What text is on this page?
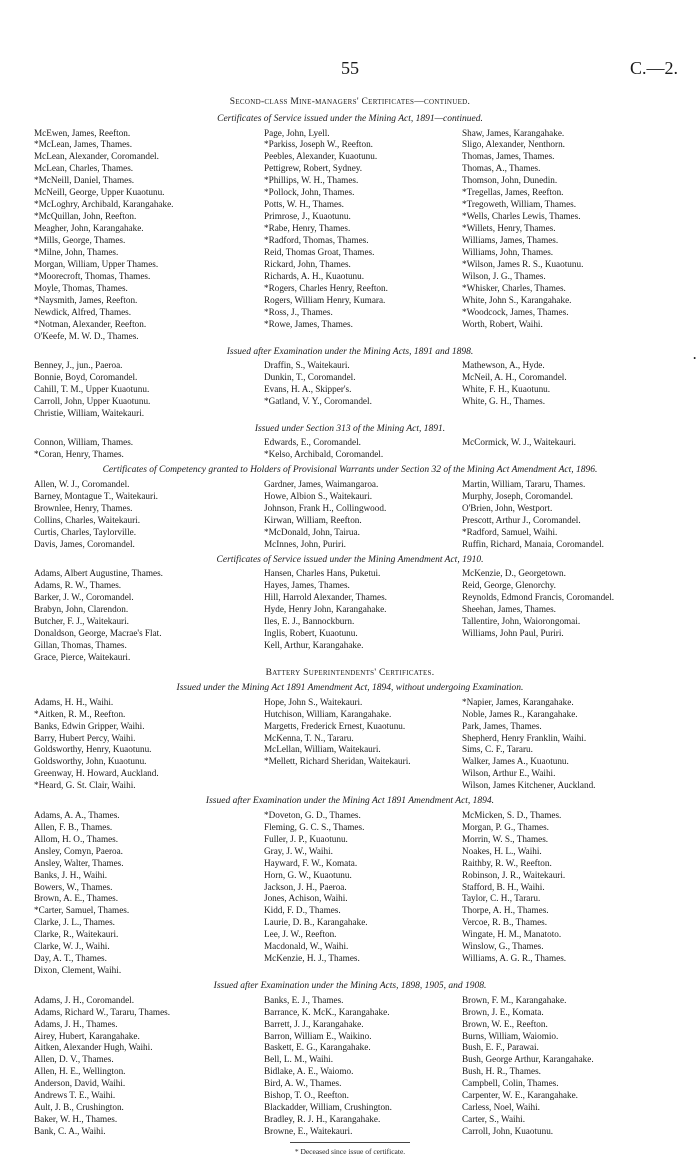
55	C.—2.
Second-class Mine-managers' Certificates—continued.
Certificates of Service issued under the Mining Act, 1891—continued.
McEwen, James, Reefton.
*McLean, James, Thames.
McLean, Alexander, Coromandel.
McLean, Charles, Thames.
*McNeill, Daniel, Thames.
McNeill, George, Upper Kuaotunu.
*McLoghry, Archibald, Karangahake.
*McQuillan, John, Reefton.
Meagher, John, Karangahake.
*Mills, George, Thames.
*Milne, John, Thames.
Morgan, William, Upper Thames.
*Moorecroft, Thomas, Thames.
Moyle, Thomas, Thames.
*Naysmith, James, Reefton.
Newdick, Alfred, Thames.
*Notman, Alexander, Reefton.
O'Keefe, M. W. D., Thames.
Page, John, Lyell.
*Parkiss, Joseph W., Reefton.
Peebles, Alexander, Kuaotunu.
Pettigrew, Robert, Sydney.
*Phillips, W. H., Thames.
*Pollock, John, Thames.
Potts, W. H., Thames.
Primrose, J., Kuaotunu.
*Rabe, Henry, Thames.
*Radford, Thomas, Thames.
Reid, Thomas Groat, Thames.
Rickard, John, Thames.
Richards, A. H., Kuaotunu.
*Rogers, Charles Henry, Reefton.
Rogers, William Henry, Kumara.
*Ross, J., Thames.
*Rowe, James, Thames.
Shaw, James, Karangahake.
Sligo, Alexander, Nenthorn.
Thomas, James, Thames.
Thomas, A., Thames.
Thomson, John, Dunedin.
*Tregellas, James, Reefton.
*Tregoweth, William, Thames.
*Wells, Charles Lewis, Thames.
*Willets, Henry, Thames.
Williams, James, Thames.
Williams, John, Thames.
*Wilson, James R. S., Kuaotunu.
Wilson, J. G., Thames.
*Whisker, Charles, Thames.
White, John S., Karangahake.
*Woodcock, James, Thames.
Worth, Robert, Waihi.
Issued after Examination under the Mining Acts, 1891 and 1898.
Benney, J., jun., Paeroa.
Bonnie, Boyd, Coromandel.
Cahill, T. M., Upper Kuaotunu.
Carroll, John, Upper Kuaotunu.
Christie, William, Waitekauri.
Draffin, S., Waitekauri.
Dunkin, T., Coromandel.
Evans, H. A., Skipper's.
*Gatland, V. Y., Coromandel.
Mathewson, A., Hyde.
McNeil, A. H., Coromandel.
White, F. H., Kuaotunu.
White, G. H., Thames.
Issued under Section 313 of the Mining Act, 1891.
Connon, William, Thames.
*Coran, Henry, Thames.
Edwards, E., Coromandel.
*Kelso, Archibald, Coromandel.
McCormick, W. J., Waitekauri.
Certificates of Competency granted to Holders of Provisional Warrants under Section 32 of the Mining Act Amendment Act, 1896.
Allen, W. J., Coromandel.
Barney, Montague T., Waitekauri.
Brownlee, Henry, Thames.
Collins, Charles, Waitekauri.
Curtis, Charles, Taylorville.
Davis, James, Coromandel.
Gardner, James, Waimangaroa.
Howe, Albion S., Waitekauri.
Johnson, Frank H., Collingwood.
Kirwan, William, Reefton.
*McDonald, John, Tairua.
McInnes, John, Puriri.
Martin, William, Tararu, Thames.
Murphy, Joseph, Coromandel.
O'Brien, John, Westport.
Prescott, Arthur J., Coromandel.
*Radford, Samuel, Waihi.
Ruffin, Richard, Manaia, Coromandel.
Certificates of Service issued under the Mining Amendment Act, 1910.
Adams, Albert Augustine, Thames.
Adams, R. W., Thames.
Barker, J. W., Coromandel.
Brabyn, John, Clarendon.
Butcher, F. J., Waitekauri.
Donaldson, George, Macrae's Flat.
Gillan, Thomas, Thames.
Grace, Pierce, Waitekauri.
Hansen, Charles Hans, Puketui.
Hayes, James, Thames.
Hill, Harrold Alexander, Thames.
Hyde, Henry John, Karangahake.
Iles, E. J., Bannockburn.
Inglis, Robert, Kuaotunu.
Kell, Arthur, Karangahake.
McKenzie, D., Georgetown.
Reid, George, Glenorchy.
Reynolds, Edmond Francis, Coromandel.
Sheehan, James, Thames.
Tallentire, John, Waiorongomai.
Williams, John Paul, Puriri.
Battery Superintendents' Certificates.
Issued under the Mining Act 1891 Amendment Act, 1894, without undergoing Examination.
Adams, H. H., Waihi.
*Aitken, R. M., Reefton.
Banks, Edwin Gripper, Waihi.
Barry, Hubert Percy, Waihi.
Goldsworthy, Henry, Kuaotunu.
Goldsworthy, John, Kuaotunu.
Greenway, H. Howard, Auckland.
*Heard, G. St. Clair, Waihi.
Hope, John S., Waitekauri.
Hutchison, William, Karangahake.
Margetts, Frederick Ernest, Kuaotunu.
McKenna, T. N., Tararu.
McLellan, William, Waitekauri.
*Mellett, Richard Sheridan, Waitekauri.
*Napier, James, Karangahake.
Noble, James R., Karangahake.
Park, James, Thames.
Shepherd, Henry Franklin, Waihi.
Sims, C. F., Tararu.
Walker, James A., Kuaotunu.
Wilson, Arthur E., Waihi.
Wilson, James Kitchener, Auckland.
Issued after Examination under the Mining Act 1891 Amendment Act, 1894.
Adams, A. A., Thames.
Allen, F. B., Thames.
Allom, H. O., Thames.
Ansley, Comyn, Paeroa.
Ansley, Walter, Thames.
Banks, J. H., Waihi.
Bowers, W., Thames.
Brown, A. E., Thames.
*Carter, Samuel, Thames.
Clarke, J. L., Thames.
Clarke, R., Waitekauri.
Clarke, W. J., Waihi.
Day, A. T., Thames.
Dixon, Clement, Waihi.
*Doveton, G. D., Thames.
Fleming, G. C. S., Thames.
Fuller, J. P., Kuaotunu.
Gray, J. W., Waihi.
Hayward, F. W., Komata.
Horn, G. W., Kuaotunu.
Jackson, J. H., Paeroa.
Jones, Achison, Waihi.
Kidd, F. D., Thames.
Laurie, D. B., Karangahake.
Lee, J. W., Reefton.
Macdonald, W., Waihi.
McKenzie, H. J., Thames.
McMicken, S. D., Thames.
Morgan, P. G., Thames.
Morrin, W. S., Thames.
Noakes, H. L., Waihi.
Raithby, R. W., Reefton.
Robinson, J. R., Waitekauri.
Stafford, B. H., Waihi.
Taylor, C. H., Tararu.
Thorpe, A. H., Thames.
Vercoe, R. B., Thames.
Wingate, H. M., Manatoto.
Winslow, G., Thames.
Williams, A. G. R., Thames.
Issued after Examination under the Mining Acts, 1898, 1905, and 1908.
Adams, J. H., Coromandel.
Adams, Richard W., Tararu, Thames.
Adams, J. H., Thames.
Airey, Hubert, Karangahake.
Aitken, Alexander Hugh, Waihi.
Allen, D. V., Thames.
Allen, H. E., Wellington.
Anderson, David, Waihi.
Andrews T. E., Waihi.
Ault, J. B., Crushington.
Baker, W. H., Thames.
Bank, C. A., Waihi.
Banks, E. J., Thames.
Barrance, K. McK., Karangahake.
Barrett, J. J., Karangahake.
Barron, William E., Waikino.
Baskett, E. G., Karangahake.
Bell, L. M., Waihi.
Bidlake, A. E., Waiomo.
Bird, A. W., Thames.
Bishop, T. O., Reefton.
Blackadder, William, Crushington.
Bradley, R. J. H., Karangahake.
Browne, E., Waitekauri.
Brown, F. M., Karangahake.
Brown, J. E., Komata.
Brown, W. E., Reefton.
Burns, William, Waiomio.
Bush, E. F., Parawai.
Bush, George Arthur, Karangahake.
Bush, H. R., Thames.
Campbell, Colin, Thames.
Carpenter, W. E., Karangahake.
Carless, Noel, Waihi.
Carter, S., Waihi.
Carroll, John, Kuaotunu.
* Deceased since issue of certificate.
•
